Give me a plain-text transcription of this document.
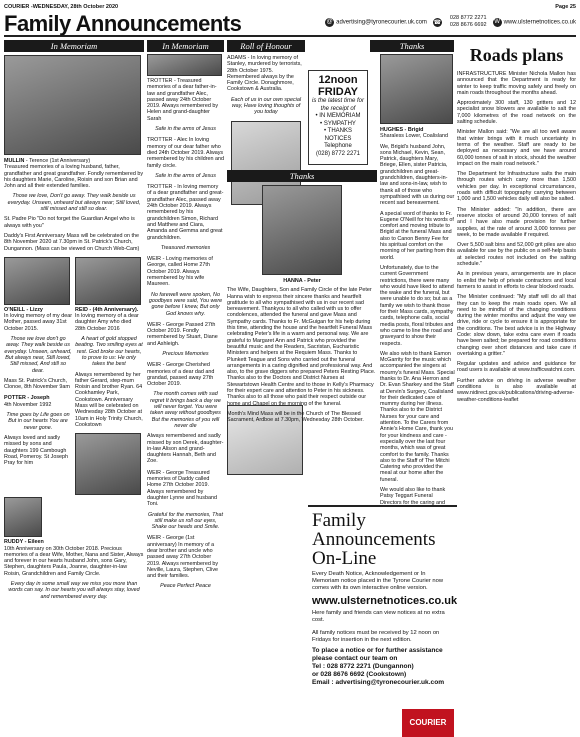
COURIER -WEDNESDAY, 28th October 2020	Page 25
Family Announcements	@ advertising@tyronecourier.uk.com ☎
028 8772 2271
028 8676 6692 W www.ulsternetnotices.co.uk
In Memoriam
MULLIN - Terence (1st Anniversary)

Treasured memories of a loving husband, father, grandfather and great grandfather. Fondly remembered by his daughters Marie, Caroline, Roisin and son Brian and John and all their extended families.

Those we love, Don't go away. They walk beside us everyday. Unseen, unheard but always near; Still loved, still missed and still so dear.

St. Padre Pio "Do not forget the Guardian Angel who is always with you"

Daddy's First Anniversary Mass will be celebrated on the 8th November 2020 at 7.30pm in St. Patrick's Church, Dungannon. (Mass can be viewed on Church Web-Cam)

O'NEILL - Lizzy

In loving memory of my dear Mother, passed away 31st October 2015.

Those we love don't go away. They walk beside us everyday. Unseen, unheard, But always near, Still loved, Still missed, And still so dear.

Mass St. Patrick's Church, Clonoe, 8th November 9am

POTTER - Joseph

4th November 1992

Time goes by Life goes on But in our hearts You are never gone.

Always loved and sadly missed by sons and daughters 199 Cambough Road, Pomeroy. St Joseph Pray for him

REID - (4th Anniversary).

In loving memory of a dear daughter Amy who died 28th October 2016

A heart of gold stopped beating. Two smiling eyes at rest. God broke our hearts, to prove to us: He only takes the best

Always remembered by her father Gerard, step-mum Roisin and brother Ryan. 64 Cookhamley Park, Cookstown. Anniversary Mass will be celebrated on Wednesday 28th October at 10am in Holy Trinity Church, Cookstown

RUDDY - Eileen

10th Anniversary on 30th October 2018. Precious memories of a dear Wife, Mother, Nana and Sister, Always and forever in our hearts husband John, sons Gary, Stephen, daughters Paula, Joanne, daughter-in-law Roisin, Grandchildren and Family Circle.

Every day in some small way we miss you more than words can say. In our hearts you will always stay, loved and remembered every day.

In Memoriam

TROTTER - Treasured memories of a dear father-in-law and grandfather Alec, passed away 24th October 2019. Always remembered by Helen and grand-daughter Sarah

Safe in the arms of Jesus

TROTTER - Alec In loving memory of our dear father who died 24th October 2019. Always remembered by his children and family circle.

Safe in the arms of Jesus

TROTTER - In loving memory of a dear grandfather and great-grandfather Alec, passed away 24th October 2019. Always remembered by his grandchildren Simon, Richard and Matthew and Ciara, Amanda and Gemma and great grandchildren.

Treasured memories

WEIR - Loving memories of George, called Home 27th October 2019. Always remembered by his wife Maureen.

No farewell were spoken, No goodbyes were said, You were gone before I knew, But only God knows why.

WEIR - George Passed 27th October 2019. Fondly remembered by Stuart, Diane and Ashleigh.

Precious Memories

WEIR - George Cherished memories of a dear dad and grandad, passed away 27th October 2019.

The month comes with sad regret It brings back a day we will never forget. You were taken away without goodbyes But the memories of you will never die

Always remembered and sadly missed by son Derek, daughter-in-law Alison and grand-daughters Hannah, Beth and Zoe.

WEIR - George Treasured memories of Daddy called Home 27th October 2019. Always remembered by daughter Lynne and husband Toni.

Grateful for the memories, That still make us roll our eyes, Shake our heads and Smile.

WEIR - George (1st anniversary) In memory of a dear brother and uncle who passed away 27th October 2019. Always remembered by Neville, Laura, Stephen, Clive and their families.

Peace Perfect Peace

Roll of Honour

ADAMS - In loving memory of Stanley, murdered by terrorists, 28th October 1975. Remembered always by the Family Circle. Donaghmore, Cookstown & Australia.

Each of us in our own special way, Have loving thoughts of you today

12noon
FRIDAY
is the latest time for the receipt of
• IN MEMORIAM
• SYMPATHY
• THANKS NOTICES
Telephone
(028) 8772 2271
Thanks
Thanks
HANNA - Peter

The Wife, Daughters, Son and Family Circle of the late Peter Hanna wish to express their sincere thanks and heartfelt gratitude to all who sympathised with us in our recent sad bereavement. Thankyou to all who called with us to offer condolences, attended the funeral and gave Mass and Sympathy cards. Thanks to Fr. McGuigan for his help during this time, attending the house and the heartfelt Funeral Mass celebrating Peter's life in a warm and personal way. We are grateful to Margaret Ann and Patrick who provided the beautiful music and the Readers, Sacristan, Eucharistic Ministers and helpers at the Requiem Mass. Thanks to Plunkett Teague and Sons who carried out the funeral arrangements in a caring dignified and professional way. And also, to the grave diggers who prepared Peters Resting Place. Thanks also to the Doctors and District Nurses at Stewartstown Health Centre and to those in Kelly's Pharmacy for their expert care and attention to Peter in his sickness. Thanks also to all those who paid their respect outside our home and Chapel on the morning of the funeral.

Month's Mind Mass will be in the Church of The Blessed Sacrament, Ardboe at 7.30pm, Wednesday 28th October.

HUGHES - Brigid

Sharaless Lower, Coalisland

We, Brigid's husband John, sons Michael, Kevin, Sean, Patrick, daughters Mary, Briege, Ellen, sister Patricia, grandchildren and great-grandchildren, daughters-in-law and sons-in-law, wish to thank all of those who sympathised with us during our recent sad bereavement.

A special word of thanks to Fr. Eugene O'Neill for his words of comfort and moving tribute to Brigid at the funeral Mass and also to Canon Benny Fee for his spiritual comfort on the morning of her parting from this world.

Unfortunately, due to the current Government restrictions, there were many who would have liked to attend the wake and the funeral, but were unable to do so; but as a family we wish to thank those for their Mass cards, sympathy cards, telephone calls, social media posts, floral tributes and who came to line the road and graveyard to show their respects.

We also wish to thank Eamon McGarrity for the music which accompanied the singers at mourny's funeral Mass. Special thanks to Dr. Ana Herron and Dr. Evan Sharkey and the Staff at Dervin's Surgery, Coalisland for their dedicated care of mummy during her illness. Thanks also to the District Nurses for your care and attention. To the Carers from Annie's Home Care, thank you for your kindness and care - especially over the last four months, which was of great comfort to the family. Thanks also to the Staff of The Mitchi Catering who provided the meal at our home after the funeral.

We would also like to thank Patsy Teggart Funeral Directors for the caring and

Family
Announcements
On-Line
Every Death Notice, Acknowledgement or In Memoriam notice placed in the Tyrone Courier now comes with its own interactive online version.
www.ulsternetnotices.co.uk
Here family and friends can view notices at no extra cost.
All family notices must be received by 12 noon on Fridays for insertion in the next edition.
To place a notice or for further assistance please contact our team on
Tel : 028 8772 2271 (Dungannon)
or 028 8676 6692 (Cookstown)
Email : advertising@tyronecourier.uk.com
COURIER
Roads plans

INFRASTRUCTURE Minister Nichola Mallon has announced that the Department is ready for winter to keep traffic moving safely and freely on main roads throughout the months ahead.

Approximately 300 staff, 130 gritters and 12 specialist snow blowers are available to salt the 7,000 kilometres of the road network on the salting schedule.

Minister Mallon said: "We are all too well aware that winter brings with it much uncertainty in terms of the weather. Staff are ready to be deployed as necessary and we have around 60,000 tonnes of salt in stock, should the weather impact on the main road network."

The Department for Infrastructure salts the main through routes which carry more than 1,500 vehicles per day. In exceptional circumstances, roads with difficult topography carrying between 1,000 and 1,500 vehicles daily will also be salted.

The Minister added: "In addition, there are reserve stocks of around 20,000 tonnes of salt and I have also made provision for further supplies, at the rate of around 3,000 tonnes per week, to be made available if required.

Over 5,500 salt bins and 52,000 grit piles are also available for use by the public on a self-help basis at selected routes not included on the salting schedule."

As in previous years, arrangements are in place to enlist the help of private contractors and local farmers to assist in efforts to clear blocked roads.

The Minister continued: "My staff will do all that they can to keep the main roads open. We all need to be mindful of the changing conditions during the winter months and adjust the way we drive, ride or cycle to ensure it is appropriate for the conditions. The best advice is in the Highway Code: slow down, take extra care even if roads have been salted; be prepared for road conditions changing over short distances and take care if overtaking a gritter."

Regular updates and advice and guidance for road users is available at www.trafficwatchni.com.

Further advice on driving in adverse weather conditions is also available at www.nidirect.gov.uk/publications/driving-adverse-weather-conditions-leaflet
